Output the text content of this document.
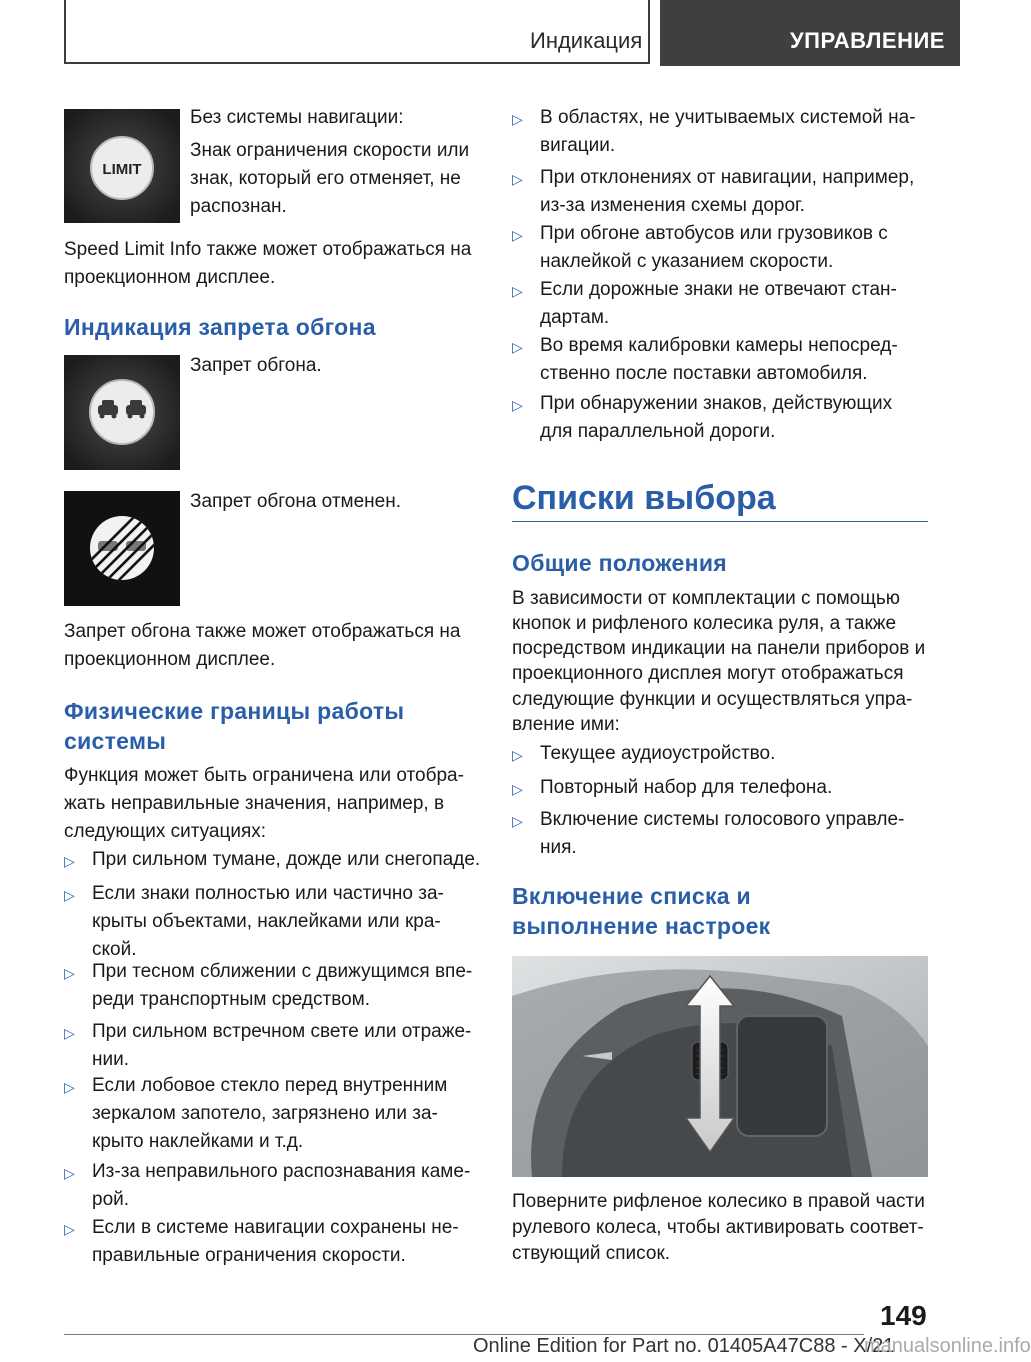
Индикация	УПРАВЛЕНИЕ
LIMIT
Без системы навигации:
Знак ограничения скорости или
знак, который его отменяет, не
распознан.
Speed Limit Info также может отображаться на
проекционном дисплее.
Индикация запрета обгона
Запрет обгона.
Запрет обгона отменен.
Запрет обгона также может отображаться на
проекционном дисплее.
Физические границы работы
системы
Функция может быть ограничена или отобра-
жать неправильные значения, например, в
следующих ситуациях:
▷ При сильном тумане, дожде или снегопаде.
▷ Если знаки полностью или частично за-
крыты объектами, наклейками или кра-
ской.
▷ При тесном сближении с движущимся впе-
реди транспортным средством.
▷ При сильном встречном свете или отраже-
нии.
▷ Если лобовое стекло перед внутренним
зеркалом запотело, загрязнено или за-
крыто наклейками и т.д.
▷ Из-за неправильного распознавания каме-
рой.
▷ Если в системе навигации сохранены не-
правильные ограничения скорости.
▷ В областях, не учитываемых системой на-
вигации.
▷ При отклонениях от навигации, например,
из-за изменения схемы дорог.
▷ При обгоне автобусов или грузовиков с
наклейкой с указанием скорости.
▷ Если дорожные знаки не отвечают стан-
дартам.
▷ Во время калибровки камеры непосред-
ственно после поставки автомобиля.
▷ При обнаружении знаков, действующих
для параллельной дороги.
Списки выбора
Общие положения
В зависимости от комплектации с помощью
кнопок и рифленого колесика руля, а также
посредством индикации на панели приборов и
проекционного дисплея могут отображаться
следующие функции и осуществляться упра-
вление ими:
▷ Текущее аудиоустройство.
▷ Повторный набор для телефона.
▷ Включение системы голосового управле-
ния.
Включение списка и
выполнение настроек
Поверните рифленое колесико в правой части
рулевого колеса, чтобы активировать соответ-
ствующий список.
149
Online Edition for Part no. 01405A47C88 - X/21
manualsonline.info
